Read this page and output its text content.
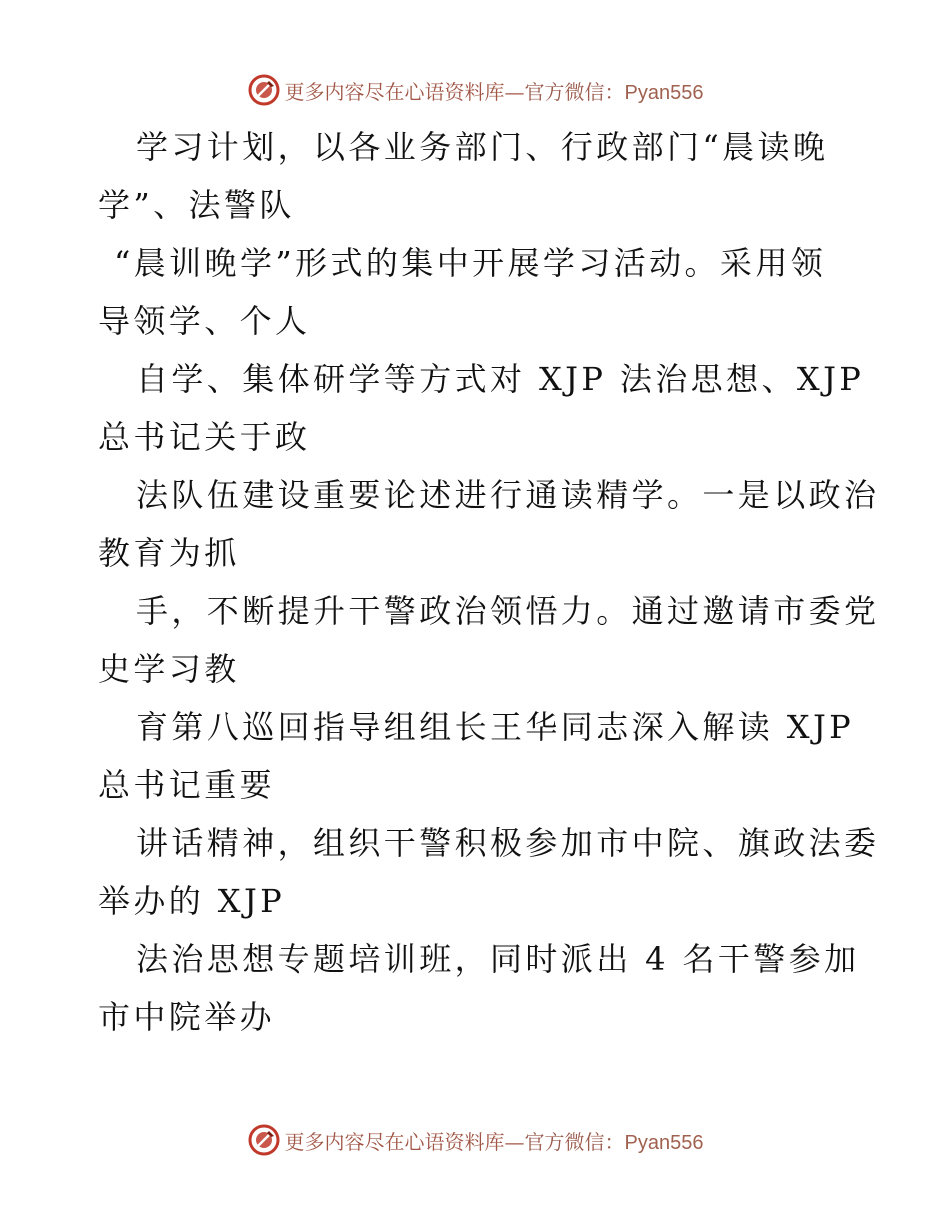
更多内容尽在心语资料库—官方微信：Pyan556

学习计划，以各业务部门、行政部门“晨读晚
学”、法警队

“晨训晚学”形式的集中开展学习活动。采用领
导领学、个人

自学、集体研学等方式对 XJP 法治思想、XJP
总书记关于政

法队伍建设重要论述进行通读精学。一是以政治
教育为抓

手，不断提升干警政治领悟力。通过邀请市委党
史学习教

育第八巡回指导组组长王华同志深入解读 XJP
总书记重要

讲话精神，组织干警积极参加市中院、旗政法委
举办的 XJP

法治思想专题培训班，同时派出 4 名干警参加
市中院举办

更多内容尽在心语资料库—官方微信：Pyan556
